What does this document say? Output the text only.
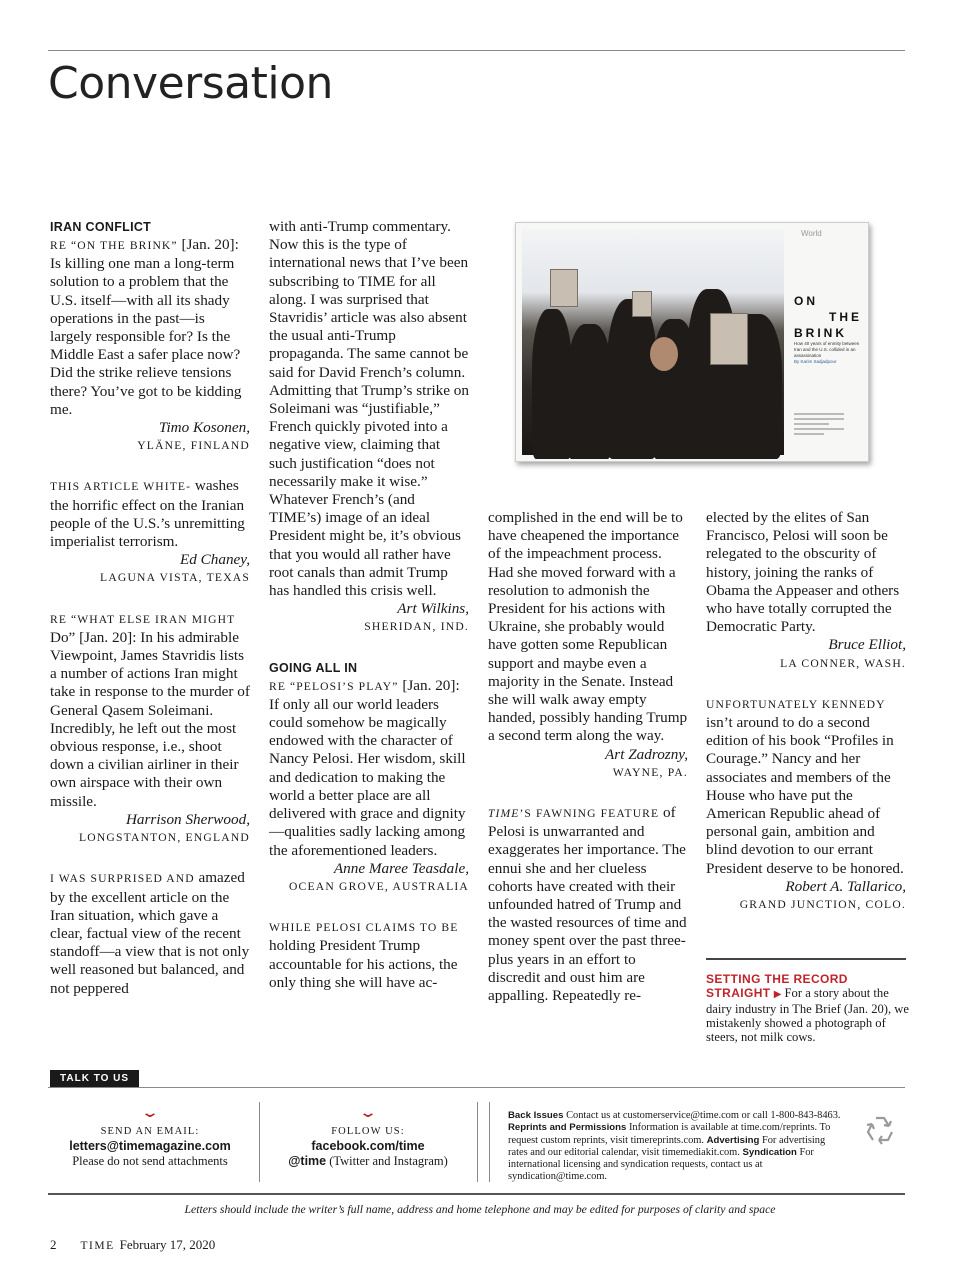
Conversation

IRAN CONFLICT

RE “ON THE BRINK” [Jan. 20]: Is killing one man a long-term solution to a problem that the U.S. itself—with all its shady operations in the past—is largely responsible for? Is the Middle East a safer place now? Did the strike relieve tensions there? You’ve got to be kidding me.

Timo Kosonen,

YLÄNE, FINLAND

THIS ARTICLE WHITE- washes the horrific effect on the Iranian people of the U.S.’s unremitting imperialist terrorism.

Ed Chaney,

LAGUNA VISTA, TEXAS

RE “WHAT ELSE IRAN MIGHT Do” [Jan. 20]: In his admirable Viewpoint, James Stavridis lists a number of actions Iran might take in response to the murder of General Qasem Soleimani. Incredibly, he left out the most obvious response, i.e., shoot down a civilian airliner in their own airspace with their own missile.

Harrison Sherwood,

LONGSTANTON, ENGLAND

I WAS SURPRISED AND amazed by the excellent article on the Iran situation, which gave a clear, factual view of the recent standoff—a view that is not only well reasoned but balanced, and not peppered

with anti-Trump commentary. Now this is the type of international news that I’ve been subscribing to TIME for all along. I was surprised that Stavridis’ article was also absent the usual anti-Trump propaganda. The same cannot be said for David French’s column. Admitting that Trump’s strike on Soleimani was “justifiable,” French quickly pivoted into a negative view, claiming that such justification “does not necessarily make it wise.” Whatever French’s (and TIME’s) image of an ideal President might be, it’s obvious that you would all rather have root canals than admit Trump has handled this crisis well.

Art Wilkins,

SHERIDAN, IND.

GOING ALL IN

RE “PELOSI’S PLAY” [Jan. 20]: If only all our world leaders could somehow be magically endowed with the character of Nancy Pelosi. Her wisdom, skill and dedication to making the world a better place are all delivered with grace and dignity—qualities sadly lacking among the aforementioned leaders.

Anne Maree Teasdale,

OCEAN GROVE, AUSTRALIA

WHILE PELOSI CLAIMS TO BE holding President Trump accountable for his actions, the only thing she will have ac-

World
ON
THE
BRINK
How 40 years of enmity between Iran and the U.S. collided in an assassination
By Karim Sadjadpour

complished in the end will be to have cheapened the importance of the impeachment process. Had she moved forward with a resolution to admonish the President for his actions with Ukraine, she probably would have gotten some Republican support and maybe even a majority in the Senate. Instead she will walk away empty handed, possibly handing Trump a second term along the way.

Art Zadrozny,

WAYNE, PA.

TIME’S FAWNING FEATURE of Pelosi is unwarranted and exaggerates her importance. The ennui she and her clueless cohorts have created with their unfounded hatred of Trump and the wasted resources of time and money spent over the past three-plus years in an effort to discredit and oust him are appalling. Repeatedly re-

elected by the elites of San Francisco, Pelosi will soon be relegated to the obscurity of history, joining the ranks of Obama the Appeaser and others who have totally corrupted the Democratic Party.

Bruce Elliot,

LA CONNER, WASH.

UNFORTUNATELY KENNEDY isn’t around to do a second edition of his book “Profiles in Courage.” Nancy and her associates and members of the House who have put the American Republic ahead of personal gain, ambition and blind devotion to our errant President deserve to be honored.

Robert A. Tallarico,

GRAND JUNCTION, COLO.

SETTING THE RECORD STRAIGHT ▶ For a story about the dairy industry in The Brief (Jan. 20), we mistakenly showed a photograph of steers, not milk cows.
TALK TO US
⌄
SEND AN EMAIL:
letters@timemagazine.com
Please do not send attachments
⌄
FOLLOW US:
facebook.com/time
@time (Twitter and Instagram)
Back Issues Contact us at customerservice@time.com or call 1-800-843-8463. Reprints and Permissions Information is available at time.com/reprints. To request custom reprints, visit timereprints.com. Advertising For advertising rates and our editorial calendar, visit timemediakit.com. Syndication For international licensing and syndication requests, contact us at syndication@time.com.
Letters should include the writer’s full name, address and home telephone and may be edited for purposes of clarity and space
2 TIME February 17, 2020
